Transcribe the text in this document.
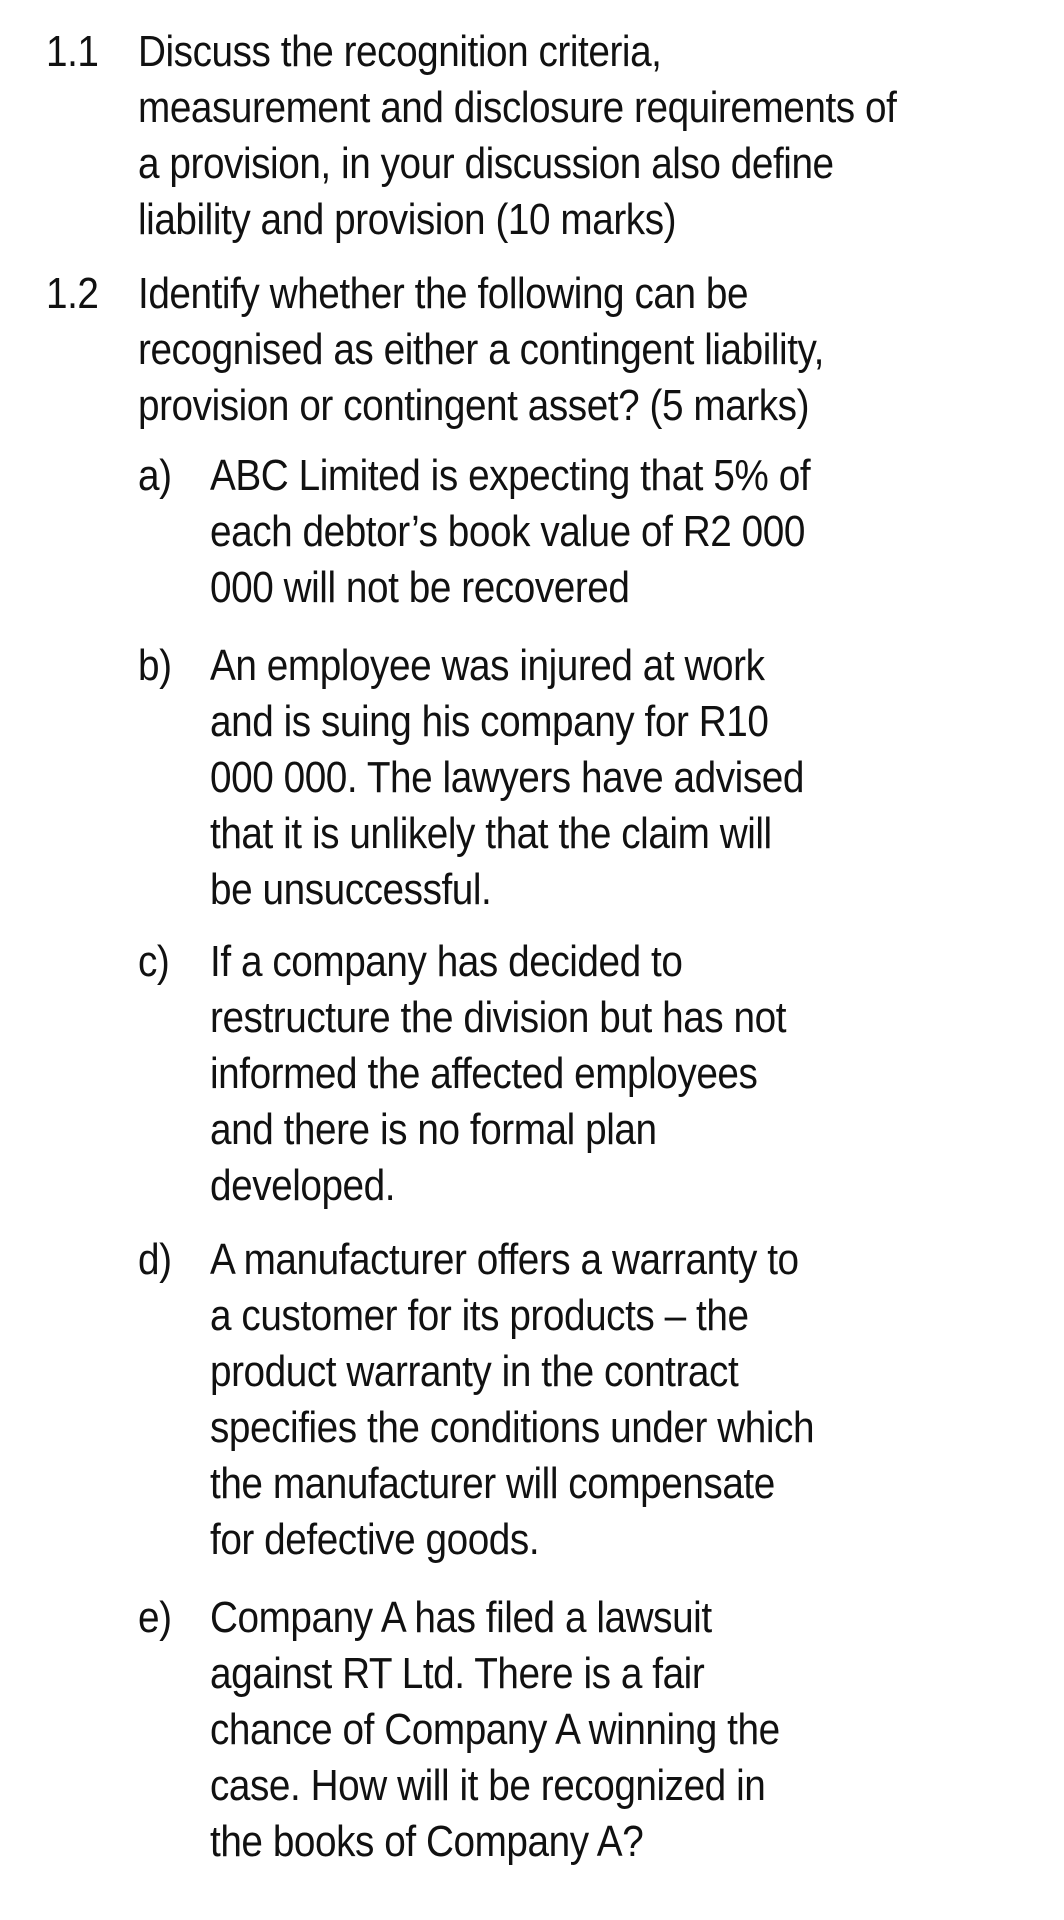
1.1 Discuss the recognition criteria,
measurement and disclosure requirements of
a provision, in your discussion also define
liability and provision (10 marks)
1.2 Identify whether the following can be
recognised as either a contingent liability,
provision or contingent asset? (5 marks)
a) ABC Limited is expecting that 5% of
each debtor’s book value of R2 000
000 will not be recovered
b) An employee was injured at work
and is suing his company for R10
000 000. The lawyers have advised
that it is unlikely that the claim will
be unsuccessful.
c) If a company has decided to
restructure the division but has not
informed the affected employees
and there is no formal plan
developed.
d) A manufacturer offers a warranty to
a customer for its products – the
product warranty in the contract
specifies the conditions under which
the manufacturer will compensate
for defective goods.
e) Company A has filed a lawsuit
against RT Ltd. There is a fair
chance of Company A winning the
case. How will it be recognized in
the books of Company A?
